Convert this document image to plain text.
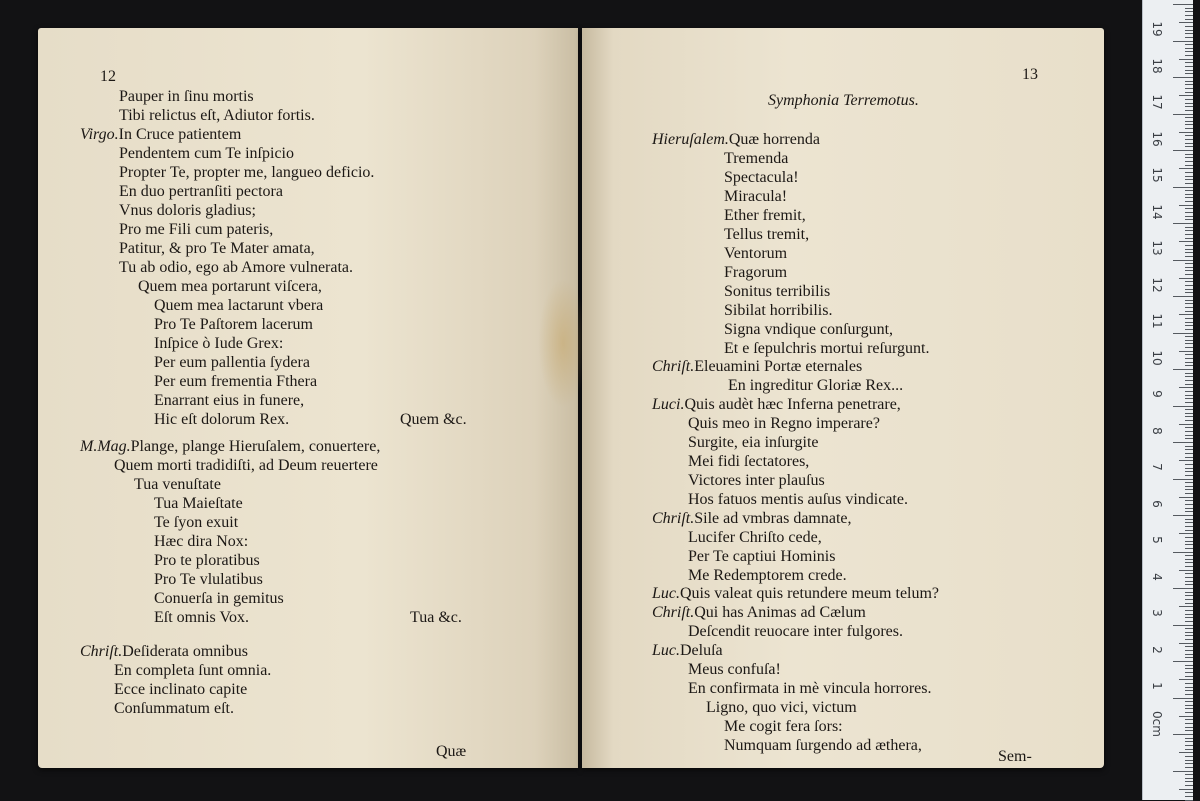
12
Pauper in ſinu mortis
Tibi relictus eſt, Adiutor fortis.
Virgo.In Cruce patientem
Pendentem cum Te inſpicio
Propter Te, propter me, langueo deficio.
En duo pertranſiti pectora
Vnus doloris gladius;
Pro me Fili cum pateris,
Patitur, & pro Te Mater amata,
Tu ab odio, ego ab Amore vulnerata.
Quem mea portarunt viſcera,
Quem mea lactarunt vbera
Pro Te Paſtorem lacerum
Inſpice ò Iude Grex:
Per eum pallentia ſydera
Per eum frementia Fthera
Enarrant eius in funere,
Hic eſt dolorum Rex.
M.Mag.Plange, plange Hieruſalem, conuertere,
Quem morti tradidiſti, ad Deum reuertere
Tua venuſtate
Tua Maieſtate
Te ſyon exuit
Hæc dira Nox:
Pro te ploratibus
Pro Te vlulatibus
Conuerſa in gemitus
Eſt omnis Vox.
Chriſt.Deſiderata omnibus
En completa ſunt omnia.
Ecce inclinato capite
Conſummatum eſt.
Quem &c.
Tua &c.
Quæ
13
Symphonia Terremotus.
Hieruſalem.Quæ horrenda
Tremenda
Spectacula!
Miracula!
Ether fremit,
Tellus tremit,
Ventorum
Fragorum
Sonitus terribilis
Sibilat horribilis.
Signa vndique conſurgunt,
Et e ſepulchris mortui reſurgunt.
Chriſt.Eleuamini Portæ eternales
En ingreditur Gloriæ Rex...
Luci.Quis audèt hæc Inferna penetrare,
Quis meo in Regno imperare?
Surgite, eia inſurgite
Mei fidi ſectatores,
Victores inter plauſus
Hos fatuos mentis auſus vindicate.
Chriſt.Sile ad vmbras damnate,
Lucifer Chriſto cede,
Per Te captiui Hominis
Me Redemptorem crede.
Luc.Quis valeat quis retundere meum telum?
Chriſt.Qui has Animas ad Cælum
Deſcendit reuocare inter fulgores.
Luc.Deluſa
Meus confuſa!
En confirmata in mè vincula horrores.
Ligno, quo vici, victum
Me cogit fera ſors:
Numquam ſurgendo ad æthera,
Sem-
19
18
17
16
15
14
13
12
11
10
9
8
7
6
5
4
3
2
1
0cm
